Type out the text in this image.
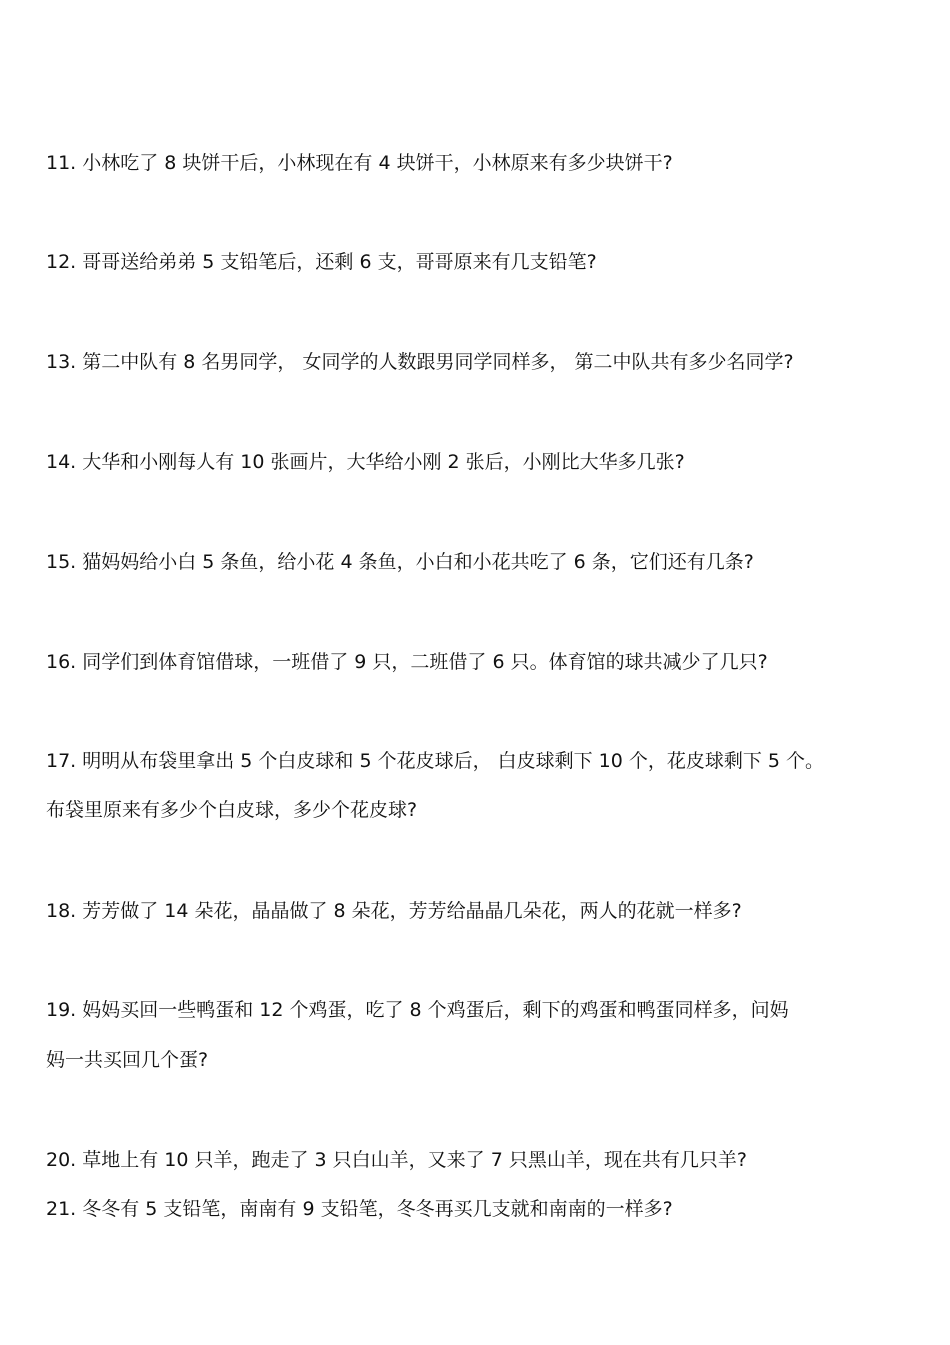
11. 小林吃了 8 块饼干后，小林现在有 4 块饼干，小林原来有多少块饼干?
12. 哥哥送给弟弟 5 支铅笔后，还剩 6 支，哥哥原来有几支铅笔?
13. 第二中队有 8 名男同学， 女同学的人数跟男同学同样多， 第二中队共有多少名同学?
14. 大华和小刚每人有 10 张画片，大华给小刚 2 张后，小刚比大华多几张?
15. 猫妈妈给小白 5 条鱼，给小花 4 条鱼，小白和小花共吃了 6 条，它们还有几条?
16. 同学们到体育馆借球，一班借了 9 只，二班借了 6 只。体育馆的球共减少了几只?
17. 明明从布袋里拿出 5 个白皮球和 5 个花皮球后， 白皮球剩下 10 个，花皮球剩下 5 个。
布袋里原来有多少个白皮球，多少个花皮球?
18. 芳芳做了 14 朵花，晶晶做了 8 朵花，芳芳给晶晶几朵花，两人的花就一样多?
19. 妈妈买回一些鸭蛋和 12 个鸡蛋，吃了 8 个鸡蛋后，剩下的鸡蛋和鸭蛋同样多，问妈
妈一共买回几个蛋?
20. 草地上有 10 只羊，跑走了 3 只白山羊，又来了 7 只黑山羊，现在共有几只羊?
21. 冬冬有 5 支铅笔，南南有 9 支铅笔，冬冬再买几支就和南南的一样多?
